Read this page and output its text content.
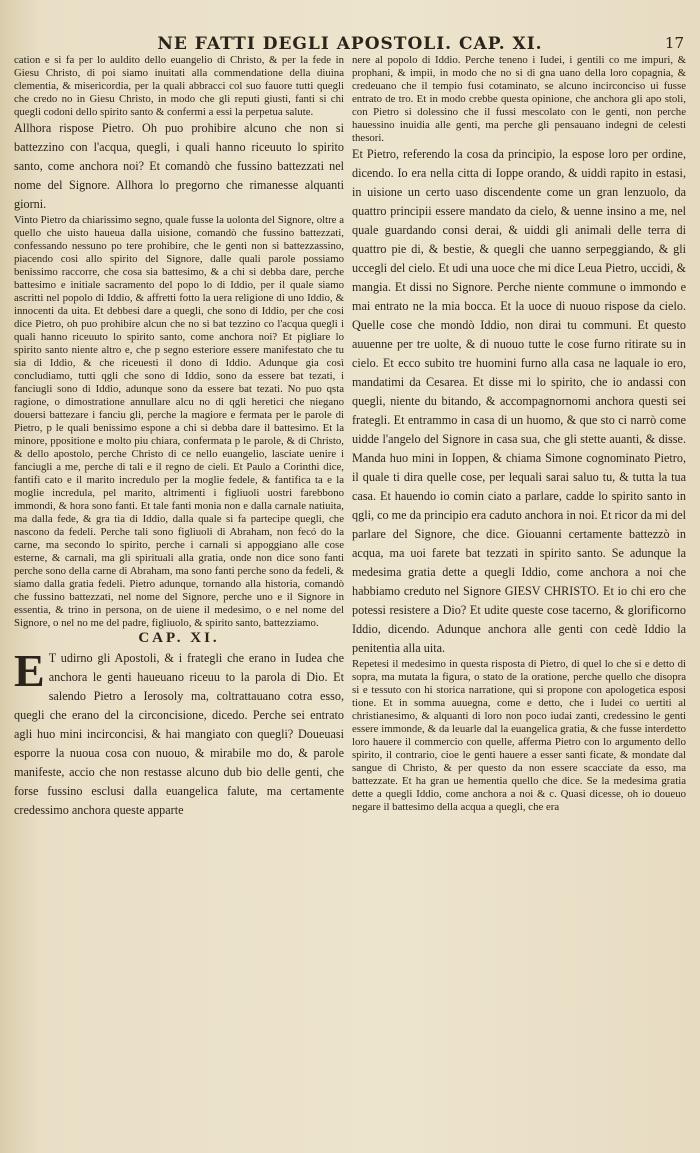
NE FATTI DEGLI APOSTOLI. CAP. XI.	17

cation e si fa per lo auldito dello euangelio di Christo, & per la fede in Giesu Christo, di poi siamo inuitati alla commendatione della diuina clementia, & misericordia, per la quali abbracci col suo fauore tutti quegli che credo no in Giesu Christo, in modo che gli reputi giusti, fanti si chi quegli codoni dello spirito santo & confermi a essi la perpetua salute.

Allhora rispose Pietro. Oh puo prohibire alcuno che non si battezzino con l'acqua, quegli, i quali hanno riceuuto lo spirito santo, come anchora noi? Et comandò che fussino battezzati nel nome del Signore. Allhora lo pregorno che rimanesse alquanti giorni.

Vinto Pietro da chiarissimo segno, quale fusse la uolonta del Signore, oltre a quello che uisto haueua dalla uisione, comandò che fussino battezzati, confessando nessuno po tere prohibire, che le genti non si battezzassino, piacendo cosi allo spirito del Signore, dalle quali parole possiamo benissimo raccorre, che cosa sia battesimo, & a chi si debba dare, perche battesimo e initiale sacramento del popo lo di Iddio, per il quale siamo ascritti nel popolo di Iddio, & affretti fotto la uera religione di uno Iddio, & innocenti da uita. Et debbesi dare a quegli, che sono di Iddio, per che cosi dice Pietro, oh puo prohibire alcun che no si bat tezzino co l'acqua quegli i quali hanno riceuuto lo spirito santo, come anchora noi? Et pigliare lo spirito santo niente altro e, che p segno esteriore essere manifestato che tu sia di Iddio, & che riceuesti il dono di Iddio. Adunque gia così concludiamo, tutti qgli che sono di Iddio, sono da essere bat tezati, i fanciugli sono di Iddio, adunque sono da essere bat tezati. No puo qsta ragione, o dimostratione annullare alcu no di qgli heretici che niegano douersi battezare i fanciu gli, perche la magiore e fermata per le parole di Pietro, p le quali benissimo espone a chi si debba dare il battesimo. Et la minore, ppositione e molto piu chiara, confermata p le parole, & di Christo, & dello apostolo, perche Christo di ce nello euangelio, lasciate uenire i fanciugli a me, perche di tali e il regno de cieli. Et Paulo a Corinthi dice, fantifi cato e il marito incredulo per la moglie fedele, & fantifica ta e la moglie incredula, pel marito, altrimenti i figliuoli uostri farebbono immondi, & hora sono fanti. Et tale fanti monia non e dalla carnale natiuita, ma dalla fede, & gra tia di Iddio, dalla quale si fa partecipe quegli, che nascono da fedeli. Perche tali sono figliuoli di Abraham, non fecó do la carne, ma secondo lo spirito, perche i carnali si appoggiano alle cose esterne, & carnali, ma gli spirituali alla gratia, onde non dice sono fanti perche sono della carne di Abraham, ma sono fanti perche sono da fedeli, & siamo dalla gratia fedeli. Pietro adunque, tornando alla historia, comandò che fussino battezzati, nel nome del Signore, perche uno e il Signore in essentia, & trino in persona, on de uiene il medesimo, o e nel nome del Signore, o nel no me del padre, figliuolo, & spirito santo, battezziamo.

CAP. XI.

E T udirno gli Apostoli, & i frategli che erano in Iudea che anchora le genti haueuano riceuu to la parola di Dio. Et salendo Pietro a Ierosoly ma, coltrattauano cotra esso, quegli che erano del la circoncisione, dicedo. Perche sei entrato agli huo mini incirconcisi, & hai mangiato con quegli? Doueuasi esporre la nuoua cosa con nuouo, & mirabile mo do, & parole manifeste, accio che non restasse alcuno dub bio delle genti, che forse fussino esclusi dalla euangelica falute, ma certamente credessimo anchora queste apparte

nere al popolo di Iddio. Perche teneno i Iudei, i gentili co me impuri, & prophani, & impii, in modo che no si di gna uano della loro copagnia, & credeuano che il tempio fusi cotaminato, se alcuno incirconciso ui fusse entrato de tro. Et in modo crebbe questa opinione, che anchora gli apo stoli, con Pietro si dolessino che il fussi mescolato con le genti, non perche hauessino inuidia alle genti, ma perche gli pensauano indegni de celesti thesori.

Et Pietro, referendo la cosa da principio, la espose loro per ordine, dicendo. Io era nella citta di Ioppe orando, & uiddi rapito in estasi, in uisione un certo uaso discendente come un gran lenzuolo, da quattro principii essere mandato da cielo, & uenne insino a me, nel quale guardando consi derai, & uiddi gli animali delle terra di quattro pie di, & bestie, & quegli che uanno serpeggiando, & gli uccegli del cielo. Et udi una uoce che mi dice Leua Pietro, uccidi, & mangia. Et dissi no Signore. Perche niente commune o immondo e mai entrato ne la mia bocca. Et la uoce di nuouo rispose da cielo. Quelle cose che mondò Iddio, non dirai tu communi. Et questo auuenne per tre uolte, & di nuouo tutte le cose furno ritirate su in cielo. Et ecco subito tre huomini furno alla casa ne laquale io ero, mandatimi da Cesarea. Et disse mi lo spirito, che io andassi con quegli, niente du bitando, & accompagnornomi anchora questi sei frategli. Et entrammo in casa di un huomo, & que sto ci narrò come uidde l'angelo del Signore in casa sua, che gli stette auanti, & disse. Manda huo mini in Ioppen, & chiama Simone cognominato Pietro, il quale ti dira quelle cose, per lequali sarai saluo tu, & tutta la tua casa. Et hauendo io comin ciato a parlare, cadde lo spirito santo in qgli, co me da principio era caduto anchora in noi. Et ricor da mi del parlare del Signore, che dice. Giouanni certamente battezzò in acqua, ma uoi farete bat tezzati in spirito santo. Se adunque la medesima gratia dette a quegli Iddio, come anchora a noi che habbiamo creduto nel Signore GIESV CHRISTO. Et io chi ero che potessi resistere a Dio? Et udite queste cose tacerno, & glorificorno Iddio, dicendo. Adunque anchora alle genti con cedè Iddio la penitentia alla uita.

Repetesi il medesimo in questa risposta di Pietro, di quel lo che si e detto di sopra, ma mutata la figura, o stato de la oratione, perche quello che disopra si e tessuto con hi storica narratione, qui si propone con apologetica esposi tione. Et in somma auuegna, come e detto, che i Iudei co uertiti al christianesimo, & alquanti di loro non poco iudai zanti, credessino le genti essere immonde, & da leuarle dal la euangelica gratia, & che fusse interdetto loro hauere il commercio con quelle, afferma Pietro con lo argumento dello spirito, il contrario, cioe le genti hauere a esser santi ficate, & mondate dal sangue di Christo, & per questo da non essere scacciate da esso, ma battezzate. Et ha gran ue hementia quello che dice. Se la medesima gratia dette a quegli Iddio, come anchora a noi & c. Quasi dicesse, oh io doueuo negare il battesimo della acqua a quegli, che era
